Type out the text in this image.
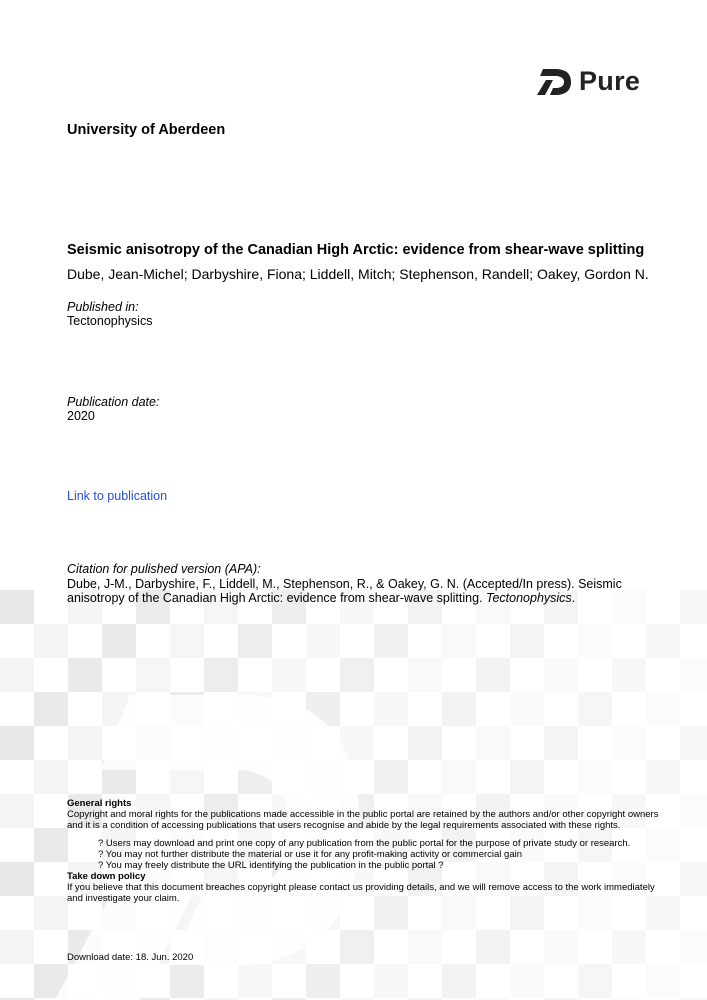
Pure
University of Aberdeen
Seismic anisotropy of the Canadian High Arctic: evidence from shear-wave splitting
Dube, Jean-Michel; Darbyshire, Fiona; Liddell, Mitch; Stephenson, Randell; Oakey, Gordon N.
Published in:
Tectonophysics
Publication date:
2020
Link to publication
Citation for pulished version (APA):
Dube, J-M., Darbyshire, F., Liddell, M., Stephenson, R., & Oakey, G. N. (Accepted/In press). Seismic anisotropy of the Canadian High Arctic: evidence from shear-wave splitting. Tectonophysics.
General rights
Copyright and moral rights for the publications made accessible in the public portal are retained by the authors and/or other copyright owners and it is a condition of accessing publications that users recognise and abide by the legal requirements associated with these rights.
? Users may download and print one copy of any publication from the public portal for the purpose of private study or research.
? You may not further distribute the material or use it for any profit-making activity or commercial gain
? You may freely distribute the URL identifying the publication in the public portal ?
Take down policy
If you believe that this document breaches copyright please contact us providing details, and we will remove access to the work immediately and investigate your claim.
Download date: 18. Jun. 2020
